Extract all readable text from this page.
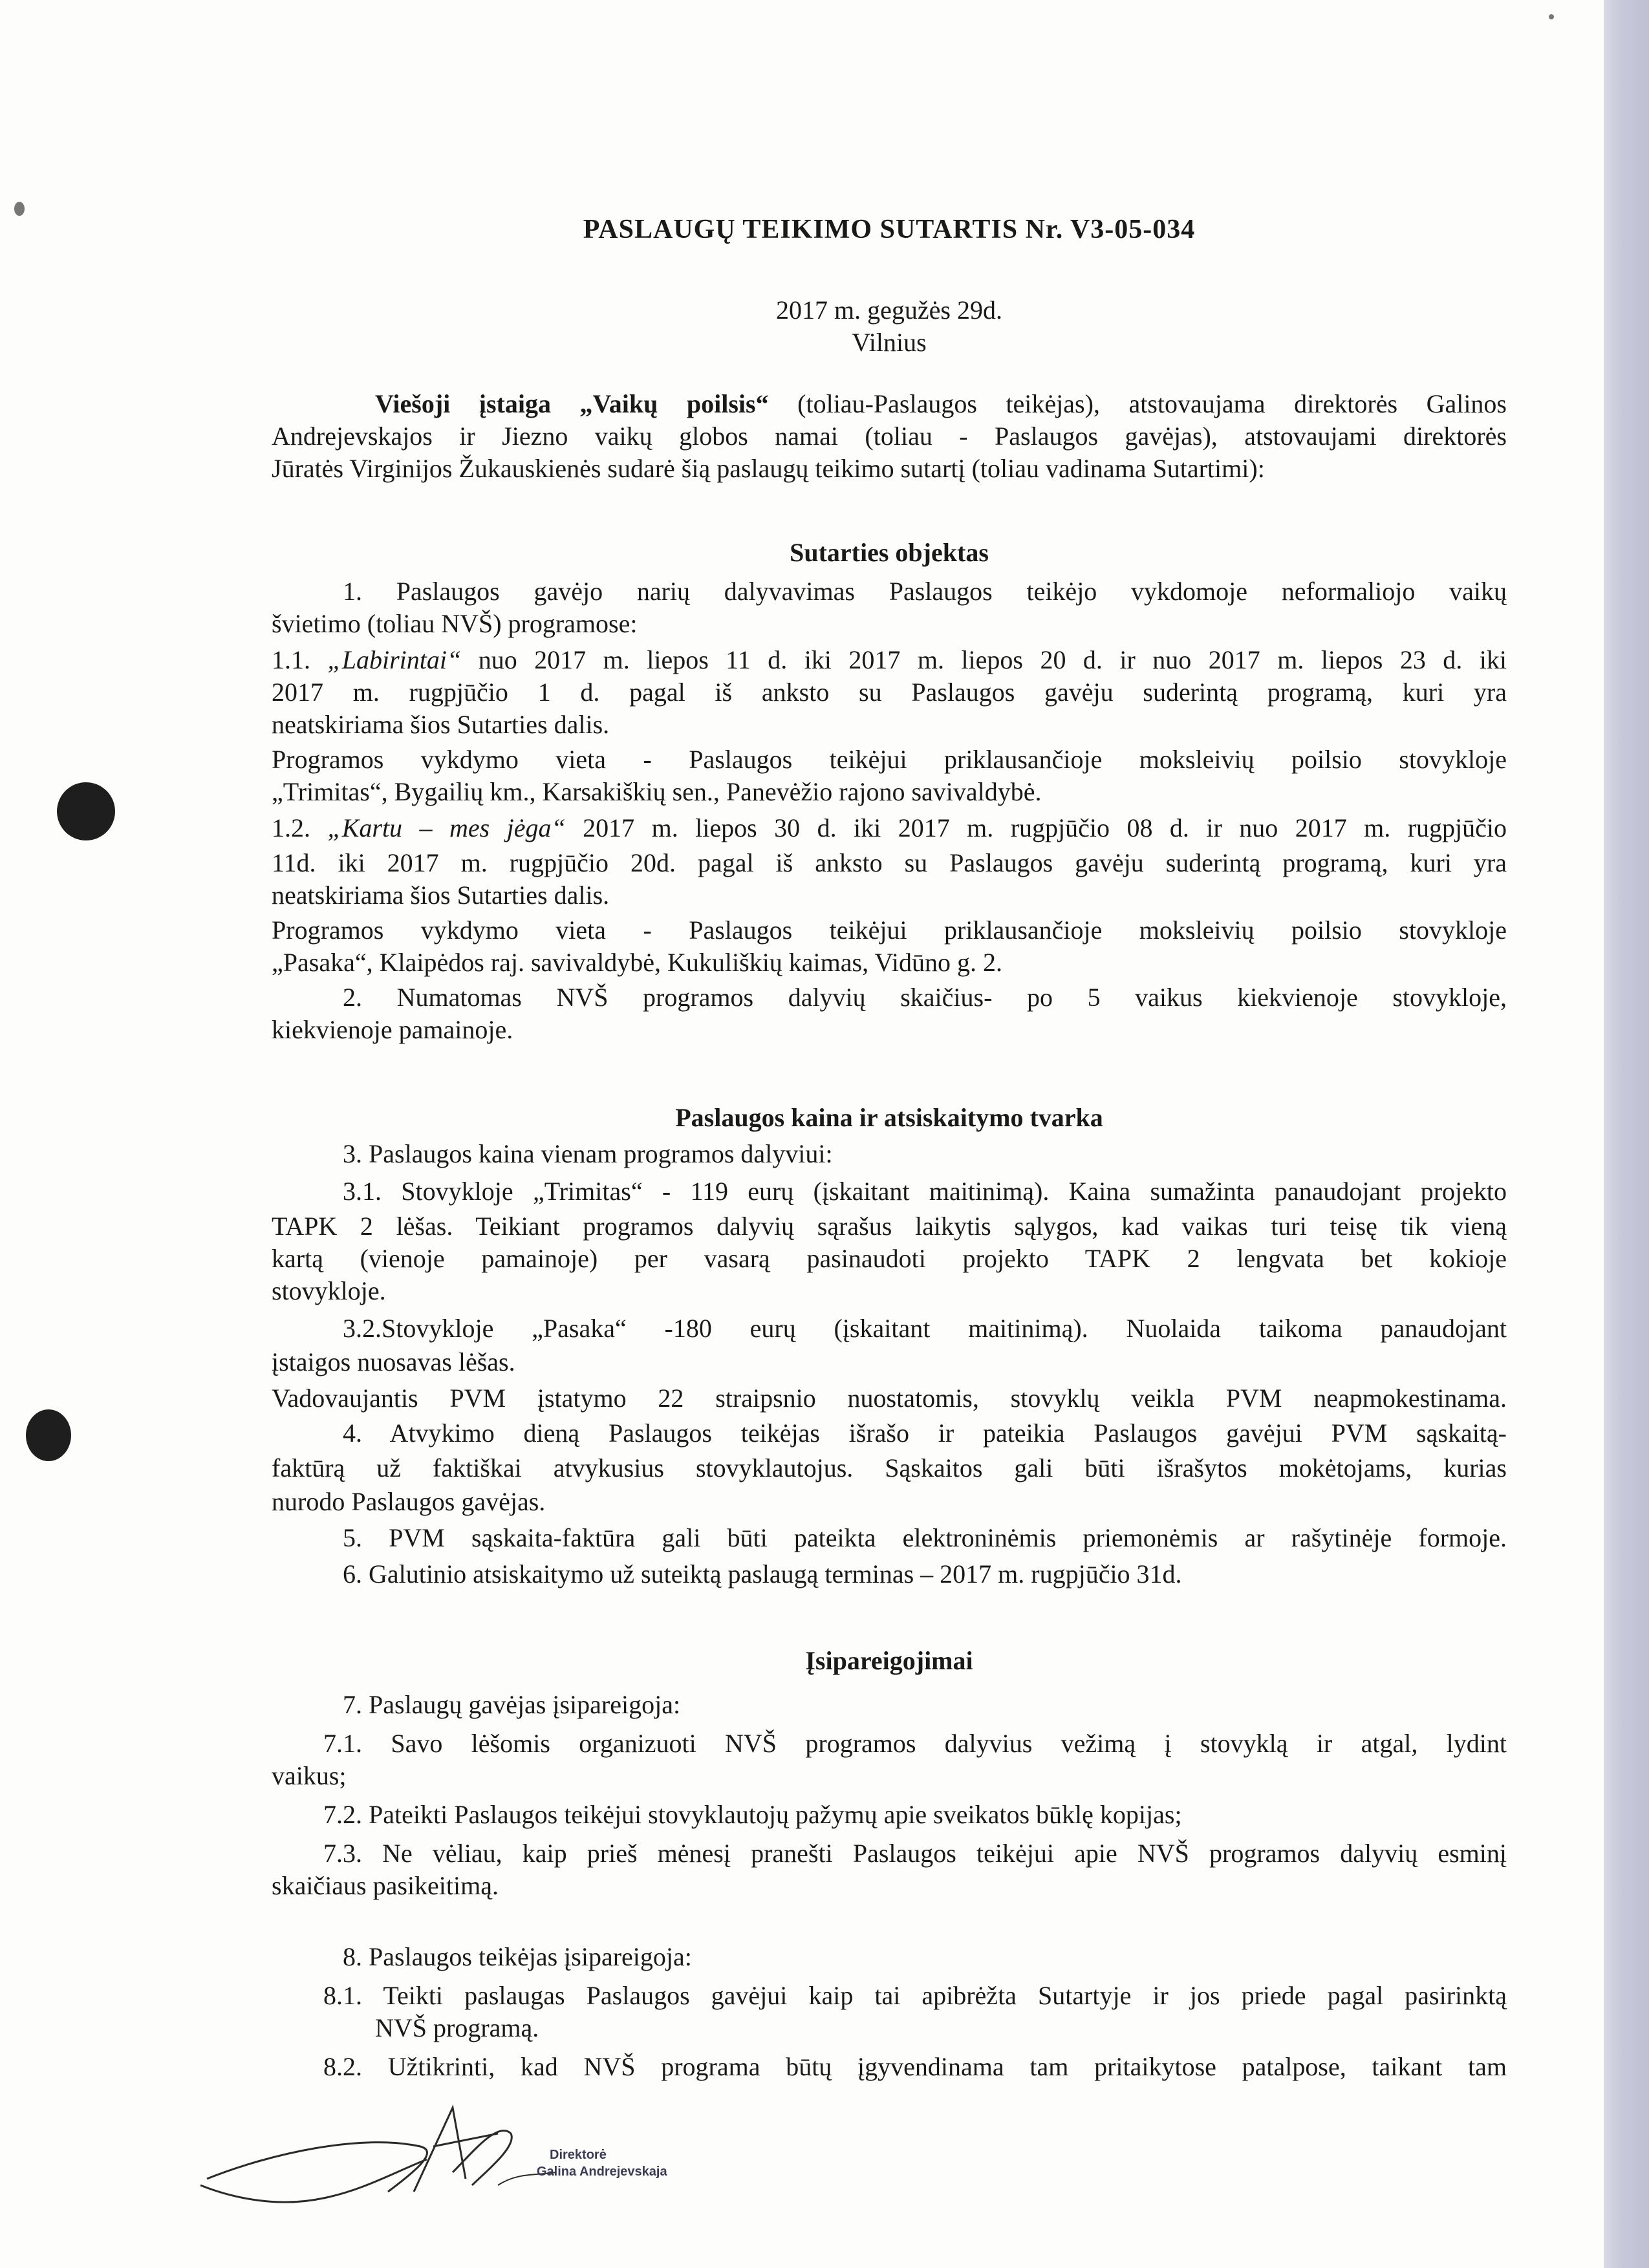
PASLAUGŲ TEIKIMO SUTARTIS Nr. V3-05-034
2017 m. gegužės 29d.
Vilnius
Viešoji įstaiga „Vaikų poilsis“ (toliau-Paslaugos teikėjas), atstovaujama direktorės Galinos
Andrejevskajos ir Jiezno vaikų globos namai (toliau - Paslaugos gavėjas), atstovaujami direktorės
Jūratės Virginijos Žukauskienės sudarė šią paslaugų teikimo sutartį (toliau vadinama Sutartimi):
Sutarties objektas
1. Paslaugos gavėjo narių dalyvavimas Paslaugos teikėjo vykdomoje neformaliojo vaikų
švietimo (toliau NVŠ) programose:
1.1. „Labirintai“ nuo 2017 m. liepos 11 d. iki 2017 m. liepos 20 d. ir nuo 2017 m. liepos 23 d. iki
2017 m. rugpjūčio 1 d. pagal iš anksto su Paslaugos gavėju suderintą programą, kuri yra
neatskiriama šios Sutarties dalis.
Programos vykdymo vieta - Paslaugos teikėjui priklausančioje moksleivių poilsio stovykloje
„Trimitas“, Bygailių km., Karsakiškių sen., Panevėžio rajono savivaldybė.
1.2. „Kartu – mes jėga“ 2017 m. liepos 30 d. iki 2017 m. rugpjūčio 08 d. ir nuo 2017 m. rugpjūčio
11d. iki 2017 m. rugpjūčio 20d. pagal iš anksto su Paslaugos gavėju suderintą programą, kuri yra
neatskiriama šios Sutarties dalis.
Programos vykdymo vieta - Paslaugos teikėjui priklausančioje moksleivių poilsio stovykloje
„Pasaka“, Klaipėdos raj. savivaldybė, Kukuliškių kaimas, Vidūno g. 2.
2. Numatomas NVŠ programos dalyvių skaičius- po 5 vaikus kiekvienoje stovykloje,
kiekvienoje pamainoje.
Paslaugos kaina ir atsiskaitymo tvarka
3. Paslaugos kaina vienam programos dalyviui:
3.1. Stovykloje „Trimitas“ - 119 eurų (įskaitant maitinimą). Kaina sumažinta panaudojant projekto
TAPK 2 lėšas. Teikiant programos dalyvių sąrašus laikytis sąlygos, kad vaikas turi teisę tik vieną
kartą (vienoje pamainoje) per vasarą pasinaudoti projekto TAPK 2 lengvata bet kokioje
stovykloje.
3.2.Stovykloje „Pasaka“ -180 eurų (įskaitant maitinimą). Nuolaida taikoma panaudojant
įstaigos nuosavas lėšas.
Vadovaujantis PVM įstatymo 22 straipsnio nuostatomis, stovyklų veikla PVM neapmokestinama.
4. Atvykimo dieną Paslaugos teikėjas išrašo ir pateikia Paslaugos gavėjui PVM sąskaitą-
faktūrą už faktiškai atvykusius stovyklautojus. Sąskaitos gali būti išrašytos mokėtojams, kurias
nurodo Paslaugos gavėjas.
5. PVM sąskaita-faktūra gali būti pateikta elektroninėmis priemonėmis ar rašytinėje formoje.
6. Galutinio atsiskaitymo už suteiktą paslaugą terminas – 2017 m. rugpjūčio 31d.
Įsipareigojimai
7. Paslaugų gavėjas įsipareigoja:
7.1. Savo lėšomis organizuoti NVŠ programos dalyvius vežimą į stovyklą ir atgal, lydint
vaikus;
7.2. Pateikti Paslaugos teikėjui stovyklautojų pažymų apie sveikatos būklę kopijas;
7.3. Ne vėliau, kaip prieš mėnesį pranešti Paslaugos teikėjui apie NVŠ programos dalyvių esminį
skaičiaus pasikeitimą.
8. Paslaugos teikėjas įsipareigoja:
8.1. Teikti paslaugas Paslaugos gavėjui kaip tai apibrėžta Sutartyje ir jos priede pagal pasirinktą
NVŠ programą.
8.2. Užtikrinti, kad NVŠ programa būtų įgyvendinama tam pritaikytose patalpose, taikant tam
Direktorė
Galina Andrejevskaja
